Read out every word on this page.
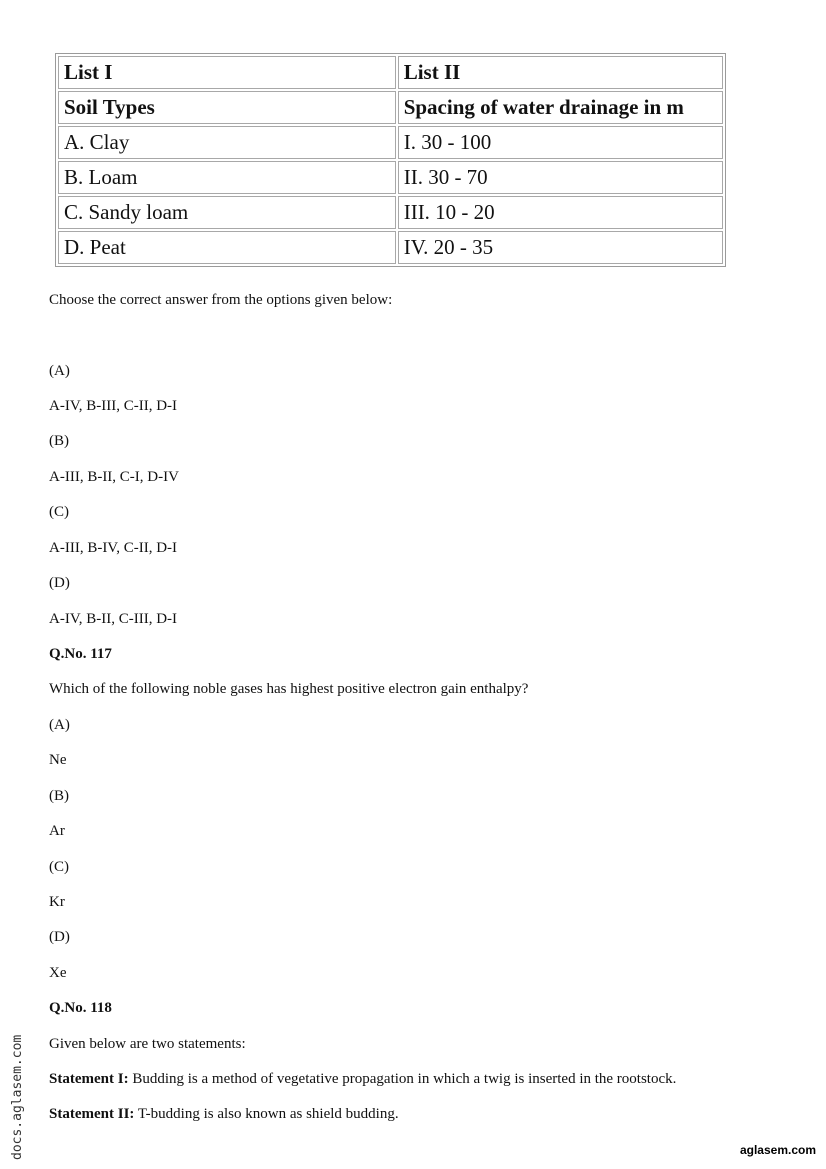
List I	List II
Soil Types	Spacing of water drainage in m
A. Clay	I. 30 - 100
B. Loam	II. 30 - 70
C. Sandy loam	III. 10 - 20
D. Peat	IV. 20 - 35

Choose the correct answer from the options given below:

(A)

A-IV, B-III, C-II, D-I

(B)

A-III, B-II, C-I, D-IV

(C)

A-III, B-IV, C-II, D-I

(D)

A-IV, B-II, C-III, D-I

Q.No. 117

Which of the following noble gases has highest positive electron gain enthalpy?

(A)

Ne

(B)

Ar

(C)

Kr

(D)

Xe

Q.No. 118

Given below are two statements:

Statement I: Budding is a method of vegetative propagation in which a twig is inserted in the rootstock.

Statement II: T-budding is also known as shield budding.

docs.aglasem.com	aglasem.com
